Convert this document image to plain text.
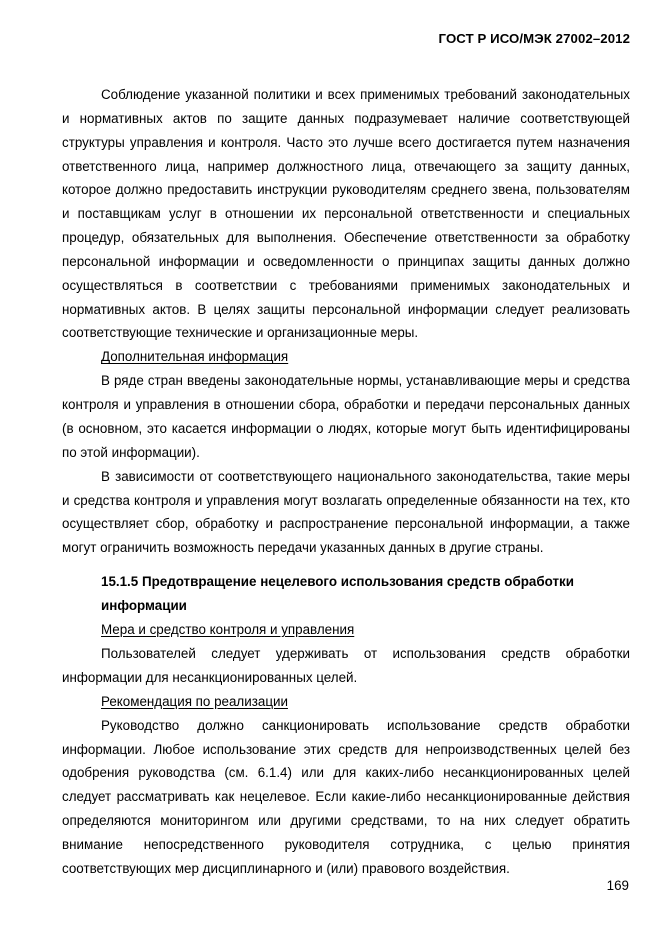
ГОСТ Р ИСО/МЭК 27002–2012

Соблюдение указанной политики и всех применимых требований законодательных и нормативных актов по защите данных подразумевает наличие соответствующей структуры управления и контроля. Часто это лучше всего достигается путем назначения ответственного лица, например должностного лица, отвечающего за защиту данных, которое должно предоставить инструкции руководителям среднего звена, пользователям и поставщикам услуг в отношении их персональной ответственности и специальных процедур, обязательных для выполнения. Обеспечение ответственности за обработку персональной информации и осведомленности о принципах защиты данных должно осуществляться в соответствии с требованиями применимых законодательных и нормативных актов. В целях защиты персональной информации следует реализовать соответствующие технические и организационные меры.

Дополнительная информация

В ряде стран введены законодательные нормы, устанавливающие меры и средства контроля и управления в отношении сбора, обработки и передачи персональных данных (в основном, это касается информации о людях, которые могут быть идентифицированы по этой информации).

В зависимости от соответствующего национального законодательства, такие меры и средства контроля и управления могут возлагать определенные обязанности на тех, кто осуществляет сбор, обработку и распространение персональной информации, а также могут ограничить возможность передачи указанных данных в другие страны.

15.1.5 Предотвращение нецелевого использования средств обработки
информации
Мера и средство контроля и управления

Пользователей следует удерживать от использования средств обработки информации для несанкционированных целей.

Рекомендация по реализации

Руководство должно санкционировать использование средств обработки информации. Любое использование этих средств для непроизводственных целей без одобрения руководства (см. 6.1.4) или для каких-либо несанкционированных целей следует рассматривать как нецелевое. Если какие-либо несанкционированные действия определяются мониторингом или другими средствами, то на них следует обратить внимание непосредственного руководителя сотрудника, с целью принятия соответствующих мер дисциплинарного и (или) правового воздействия.

169
